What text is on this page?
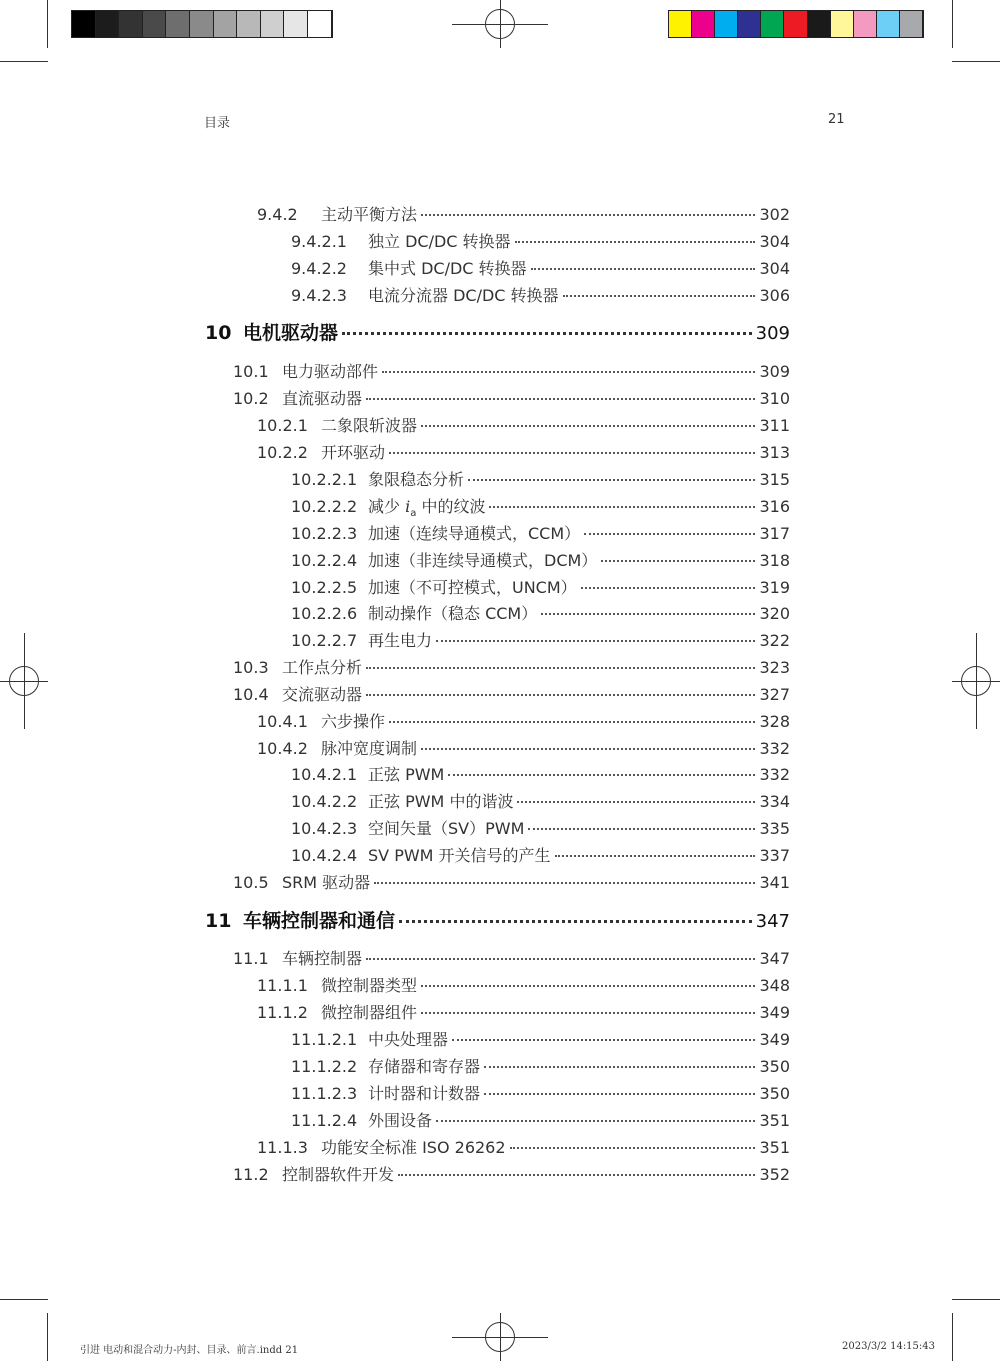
目录	21
9.4.2	主动平衡方法	302
9.4.2.1	独立 DC/DC 转换器	304
9.4.2.2	集中式 DC/DC 转换器	304
9.4.2.3	电流分流器 DC/DC 转换器	306
10 电机驱动器	309
10.1 电力驱动部件	309
10.2 直流驱动器	310
10.2.1 二象限斩波器	311
10.2.2 开环驱动	313
10.2.2.1 象限稳态分析	315
10.2.2.2 减少 $i_a$ 中的纹波	316
10.2.2.3 加速（连续导通模式，CCM）	317
10.2.2.4 加速（非连续导通模式，DCM）	318
10.2.2.5 加速（不可控模式，UNCM）	319
10.2.2.6 制动操作（稳态 CCM）	320
10.2.2.7 再生电力	322
10.3 工作点分析	323
10.4 交流驱动器	327
10.4.1 六步操作	328
10.4.2 脉冲宽度调制	332
10.4.2.1 正弦 PWM	332
10.4.2.2 正弦 PWM 中的谐波	334
10.4.2.3 空间矢量（SV）PWM	335
10.4.2.4 SV PWM 开关信号的产生	337
10.5 SRM 驱动器	341
11 车辆控制器和通信	347
11.1 车辆控制器	347
11.1.1 微控制器类型	348
11.1.2 微控制器组件	349
11.1.2.1 中央处理器	349
11.1.2.2 存储器和寄存器	350
11.1.2.3 计时器和计数器	350
11.1.2.4 外围设备	351
11.1.3 功能安全标准 ISO 26262	351
11.2 控制器软件开发	352
引进 电动和混合动力-内封、目录、前言.indd 21	2023/3/2 14:15:43
